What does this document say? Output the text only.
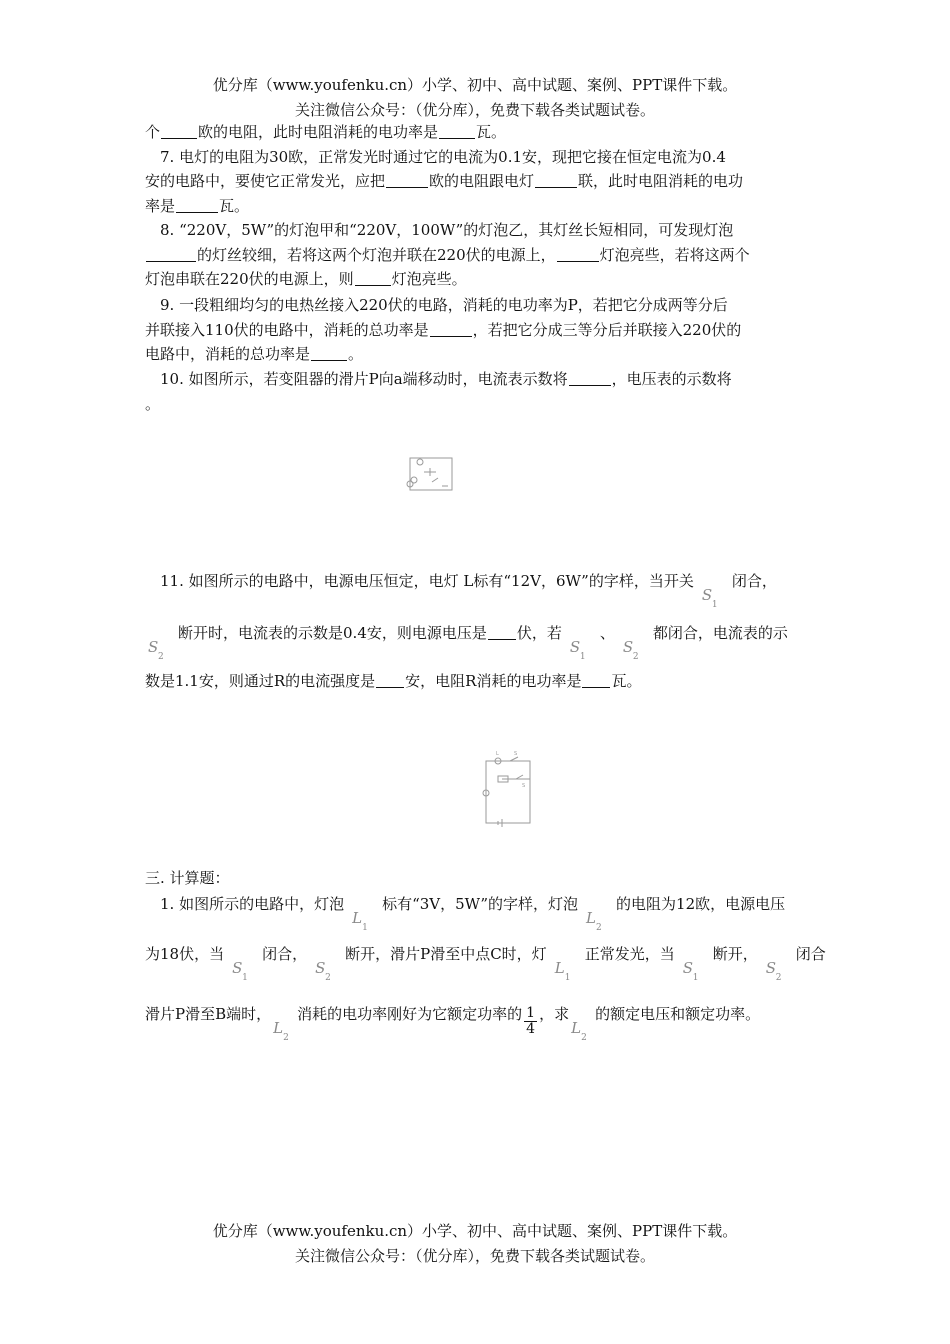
优分库（www.youfenku.cn）小学、初中、高中试题、案例、PPT课件下载。
关注微信公众号：（优分库），免费下载各类试题试卷。
个	欧的电阻，此时电阻消耗的电功率是	瓦。
7. 电灯的电阻为30欧，正常发光时通过它的电流为0.1安，现把它接在恒定电流为0.4
安的电路中，要使它正常发光，应把	欧的电阻跟电灯	联，此时电阻消耗的电功
率是	瓦。
8. “220V，5W”的灯泡甲和“220V，100W”的灯泡乙，其灯丝长短相同，可发现灯泡
的灯丝较细，若将这两个灯泡并联在220伏的电源上，	灯泡亮些，若将这两个
灯泡串联在220伏的电源上，则	灯泡亮些。
9. 一段粗细均匀的电热丝接入220伏的电路，消耗的电功率为P，若把它分成两等分后
并联接入110伏的电路中，消耗的总功率是	，若把它分成三等分后并联接入220伏的
电路中，消耗的总功率是	。
10. 如图所示，若变阻器的滑片P向a端移动时，电流表示数将	，电压表的示数将
。
11. 如图所示的电路中，电源电压恒定，电灯 L标有“12V，6W”的字样，当开关S
1
闭合，
S
2
断开时，电流表的示数是0.4安，则电源电压是 伏，若S
1
、S
2
都闭合，电流表的示
数是1.1安，则通过R的电流强度是 安，电阻R消耗的电功率是 瓦。
L	S
S
三. 计算题：
1. 如图所示的电路中，灯泡L
1
标有“3V，5W”的字样，灯泡L
2
的电阻为12欧，电源电压
为18伏，当S
1
闭合，S
2
断开，滑片P滑至中点C时，灯L
1
正常发光，当S
1
断开，S
2
闭合
滑片P滑至B端时，L
2
消耗的电功率刚好为它额定功率的 $\frac{1}{4}$ ，求L
2
的额定电压和额定功率。
优分库（www.youfenku.cn）小学、初中、高中试题、案例、PPT课件下载。
关注微信公众号：（优分库），免费下载各类试题试卷。
